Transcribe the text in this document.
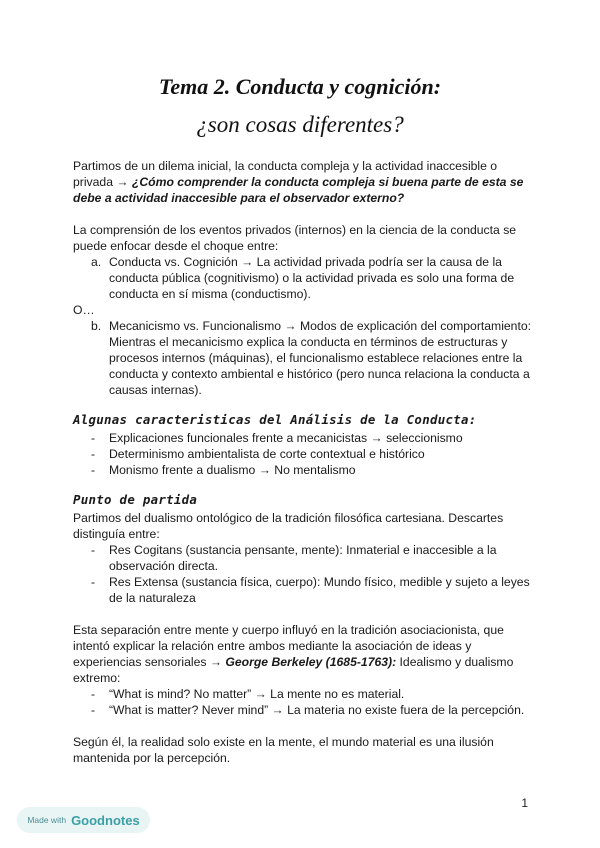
Tema 2. Conducta y cognición:
¿son cosas diferentes?

Partimos de un dilema inicial, la conducta compleja y la actividad inaccesible o privada → ¿Cómo comprender la conducta compleja si buena parte de esta se debe a actividad inaccesible para el observador externo?

La comprensión de los eventos privados (internos) en la ciencia de la conducta se puede enfocar desde el choque entre:

a. Conducta vs. Cognición → La actividad privada podría ser la causa de la conducta pública (cognitivismo) o la actividad privada es solo una forma de conducta en sí misma (conductismo).

O…

b. Mecanicismo vs. Funcionalismo → Modos de explicación del comportamiento: Mientras el mecanicismo explica la conducta en términos de estructuras y procesos internos (máquinas), el funcionalismo establece relaciones entre la conducta y contexto ambiental e histórico (pero nunca relaciona la conducta a causas internas).
Algunas caracteristicas del Análisis de la Conducta:
- Explicaciones funcionales frente a mecanicistas → seleccionismo
- Determinismo ambientalista de corte contextual e histórico
- Monismo frente a dualismo → No mentalismo
Punto de partida

Partimos del dualismo ontológico de la tradición filosófica cartesiana. Descartes distinguía entre:

- Res Cogitans (sustancia pensante, mente): Inmaterial e inaccesible a la observación directa.
- Res Extensa (sustancia física, cuerpo): Mundo físico, medible y sujeto a leyes de la naturaleza

Esta separación entre mente y cuerpo influyó en la tradición asociacionista, que intentó explicar la relación entre ambos mediante la asociación de ideas y experiencias sensoriales → George Berkeley (1685-1763): Idealismo y dualismo extremo:

- “What is mind? No matter” → La mente no es material.
- “What is matter? Never mind” → La materia no existe fuera de la percepción.

Según él, la realidad solo existe en la mente, el mundo material es una ilusión mantenida por la percepción.

1
Made with Goodnotes
